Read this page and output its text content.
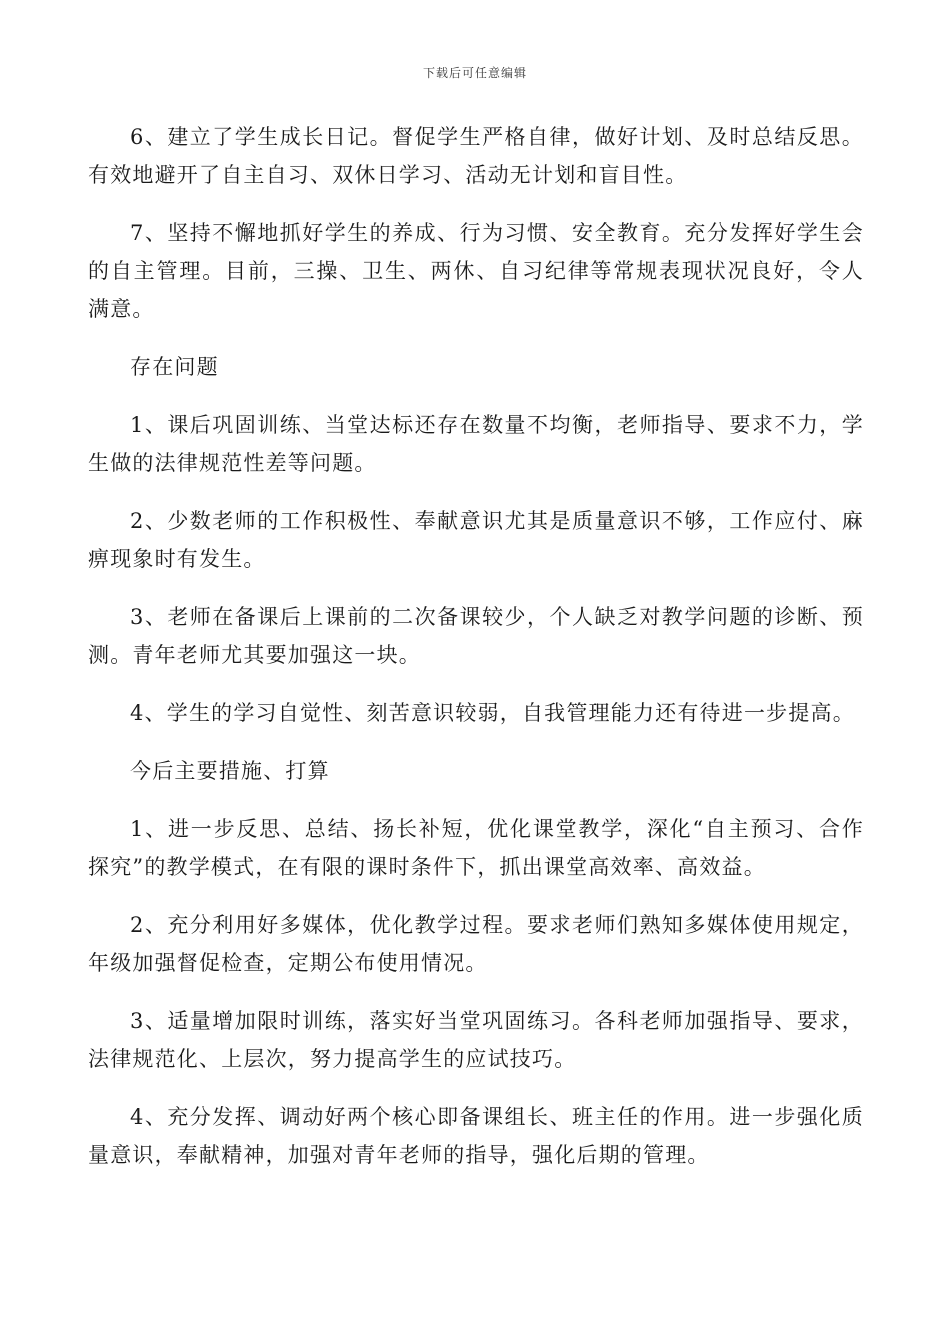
下载后可任意编辑

6、建立了学生成长日记。督促学生严格自律，做好计划、及时总结反思。有效地避开了自主自习、双休日学习、活动无计划和盲目性。

7、坚持不懈地抓好学生的养成、行为习惯、安全教育。充分发挥好学生会的自主管理。目前，三操、卫生、两休、自习纪律等常规表现状况良好，令人满意。

存在问题

1、课后巩固训练、当堂达标还存在数量不均衡，老师指导、要求不力，学生做的法律规范性差等问题。

2、少数老师的工作积极性、奉献意识尤其是质量意识不够，工作应付、麻痹现象时有发生。

3、老师在备课后上课前的二次备课较少，个人缺乏对教学问题的诊断、预测。青年老师尤其要加强这一块。

4、学生的学习自觉性、刻苦意识较弱，自我管理能力还有待进一步提高。

今后主要措施、打算

1、进一步反思、总结、扬长补短，优化课堂教学，深化“自主预习、合作探究”的教学模式，在有限的课时条件下，抓出课堂高效率、高效益。

2、充分利用好多媒体，优化教学过程。要求老师们熟知多媒体使用规定，年级加强督促检查，定期公布使用情况。

3、适量增加限时训练，落实好当堂巩固练习。各科老师加强指导、要求，法律规范化、上层次，努力提高学生的应试技巧。

4、充分发挥、调动好两个核心即备课组长、班主任的作用。进一步强化质量意识，奉献精神，加强对青年老师的指导，强化后期的管理。
